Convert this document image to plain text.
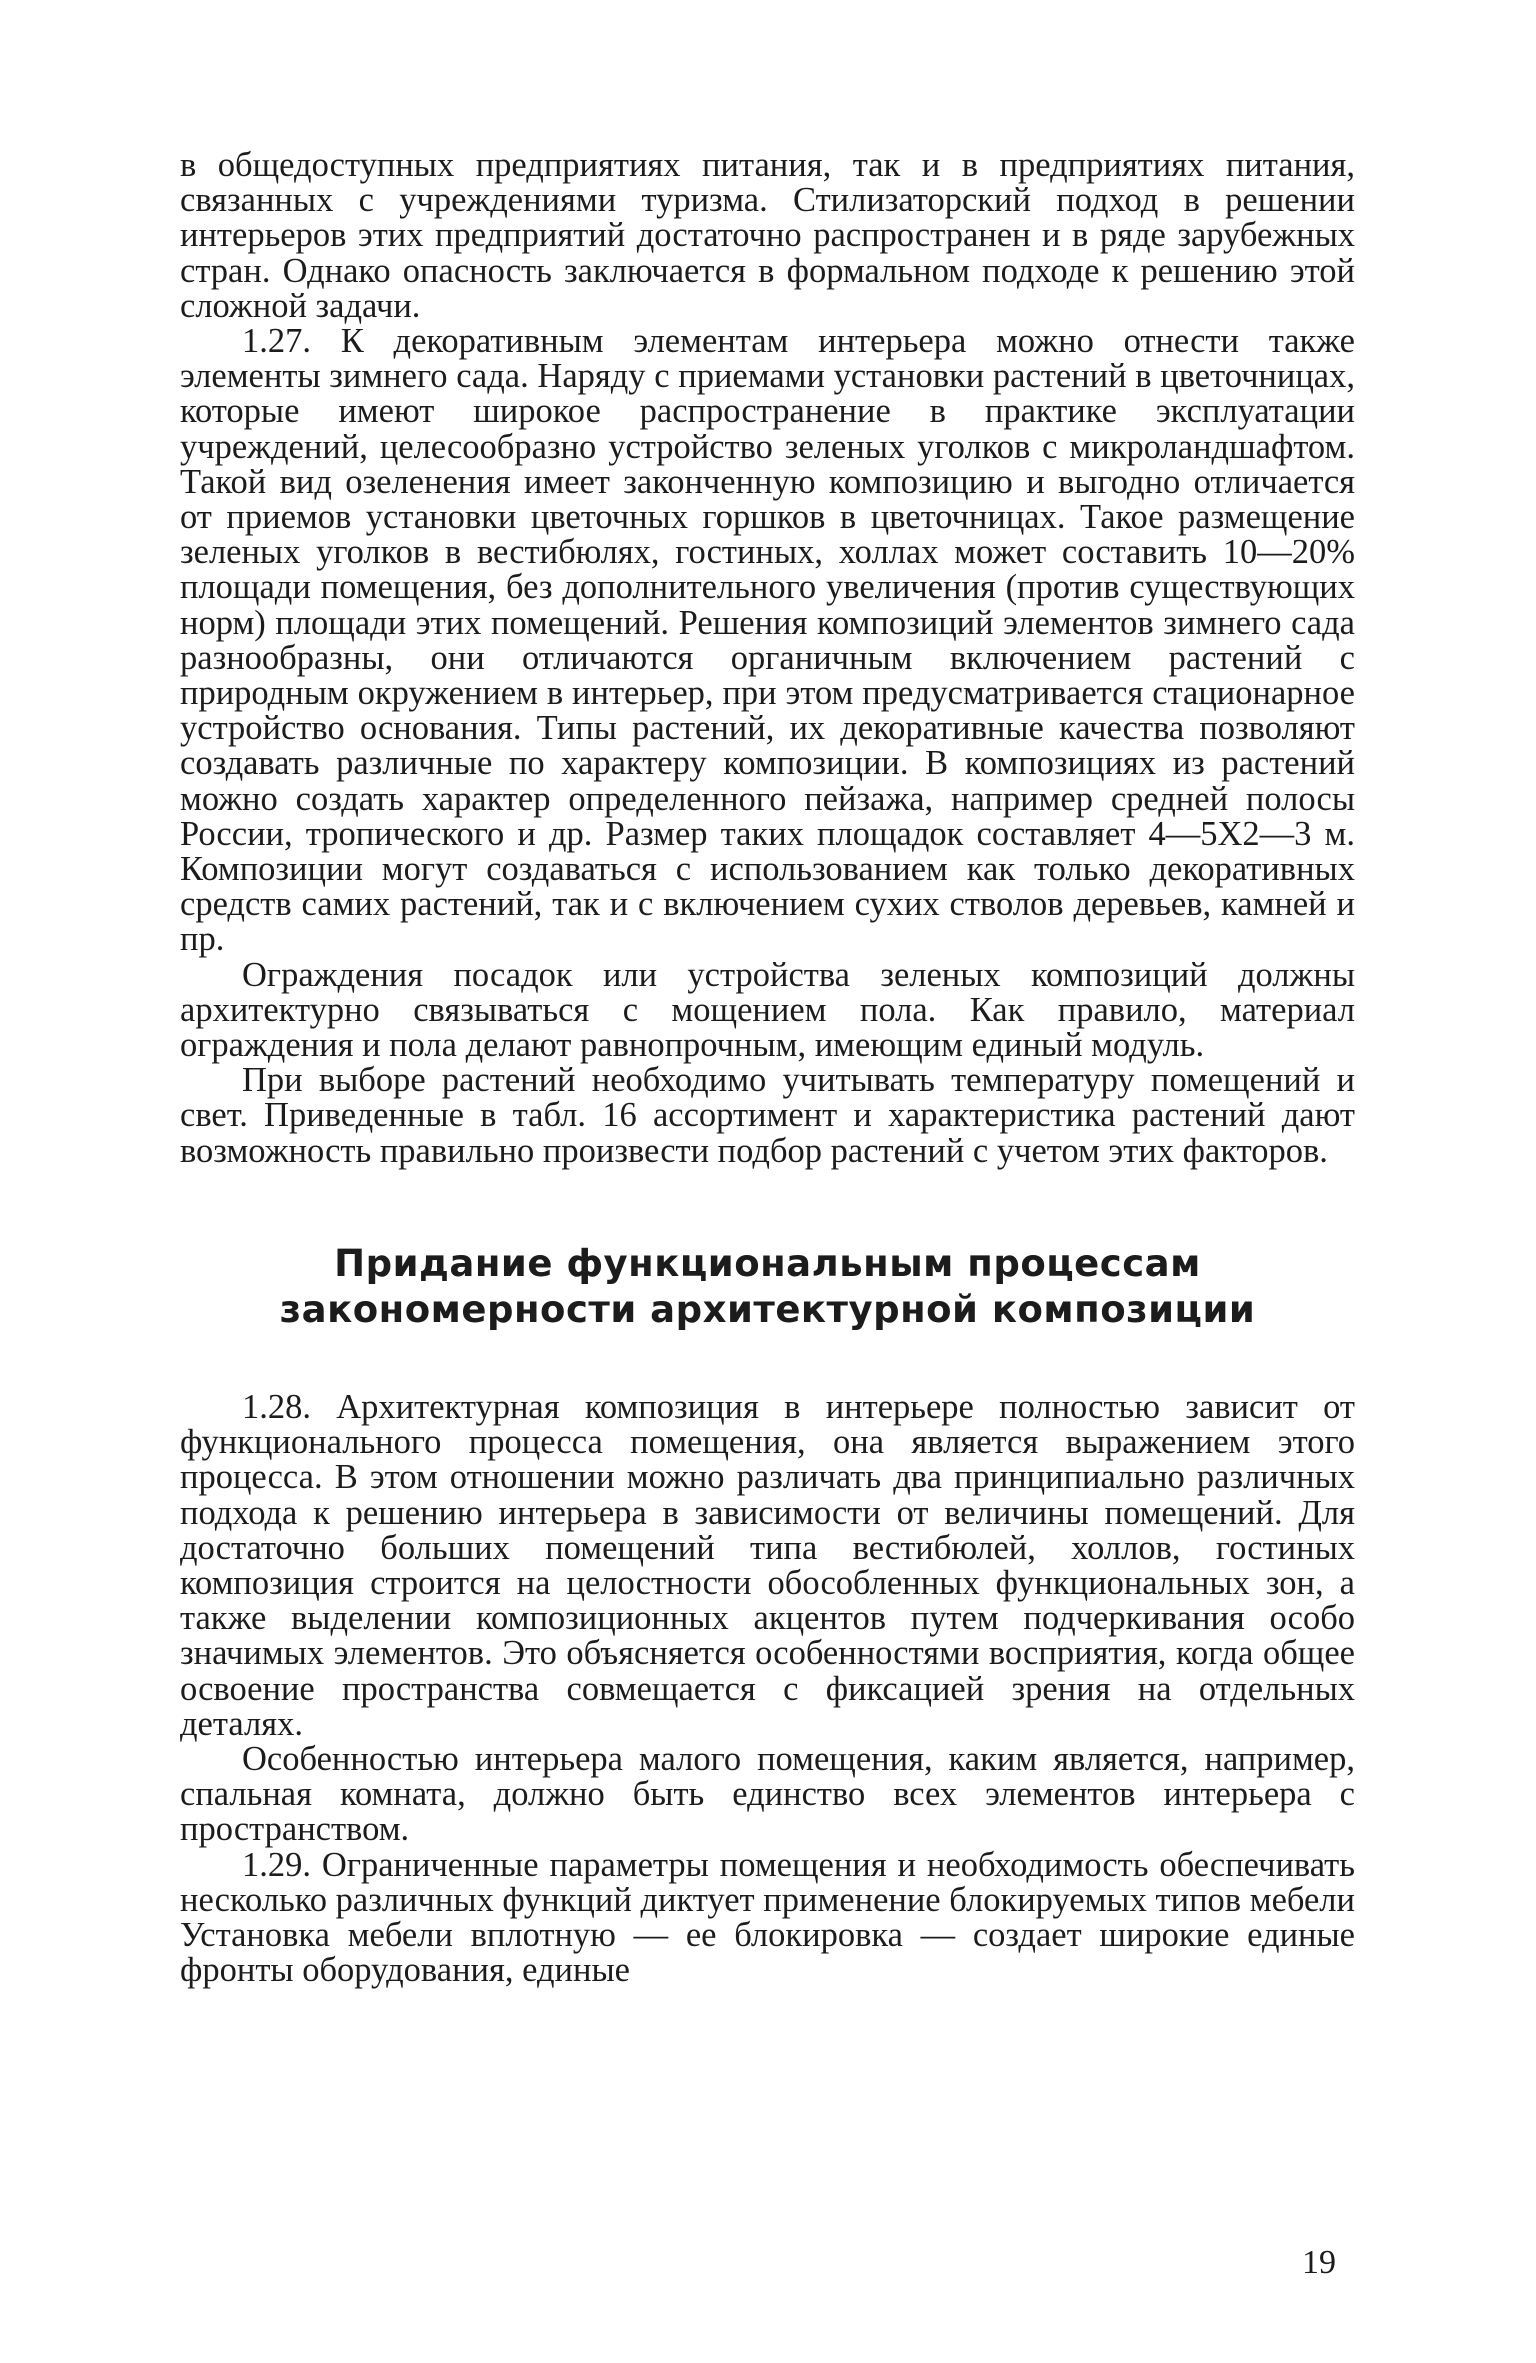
в общедоступных предприятиях питания, так и в предприятиях питания, связанных с учреждениями туризма. Стилизаторский подход в решении интерьеров этих предприятий достаточно распространен и в ряде зарубежных стран. Однако опасность заключается в формальном подходе к решению этой сложной задачи.

1.27. К декоративным элементам интерьера можно отнести также элементы зимнего сада. Наряду с приемами установки растений в цветочницах, которые имеют широкое распространение в практике эксплуатации учреждений, целесообразно устройство зеленых уголков с микроландшафтом. Такой вид озеленения имеет законченную композицию и выгодно отличается от приемов установки цветочных горшков в цветочницах. Такое размещение зеленых уголков в вестибюлях, гостиных, холлах может составить 10—20% площади помещения, без дополнительного увеличения (против существующих норм) площади этих помещений. Решения композиций элементов зимнего сада разнообразны, они отличаются органичным включением растений с природным окружением в интерьер, при этом предусматривается стационарное устройство основания. Типы растений, их декоративные качества позволяют создавать различные по характеру композиции. В композициях из растений можно создать характер определенного пейзажа, например средней полосы России, тропического и др. Размер таких площадок составляет 4—5Х2—3 м. Композиции могут создаваться с использованием как только декоративных средств самих растений, так и с включением сухих стволов деревьев, камней и пр.

Ограждения посадок или устройства зеленых композиций должны архитектурно связываться с мощением пола. Как правило, материал ограждения и пола делают равнопрочным, имеющим единый модуль.

При выборе растений необходимо учитывать температуру помещений и свет. Приведенные в табл. 16 ассортимент и характеристика растений дают возможность правильно произвести подбор растений с учетом этих факторов.

Придание функциональным процессам
закономерности архитектурной композиции

1.28. Архитектурная композиция в интерьере полностью зависит от функционального процесса помещения, она является выражением этого процесса. В этом отношении можно различать два принципиально различных подхода к решению интерьера в зависимости от величины помещений. Для достаточно больших помещений типа вестибюлей, холлов, гостиных композиция строится на целостности обособленных функциональных зон, а также выделении композиционных акцентов путем подчеркивания особо значимых элементов. Это объясняется особенностями восприятия, когда общее освоение пространства совмещается с фиксацией зрения на отдельных деталях.

Особенностью интерьера малого помещения, каким является, например, спальная комната, должно быть единство всех элементов интерьера с пространством.

1.29. Ограниченные параметры помещения и необходимость обеспечивать несколько различных функций диктует применение блокируемых типов мебели Установка мебели вплотную — ее блокировка — создает широкие единые фронты оборудования, единые

19
